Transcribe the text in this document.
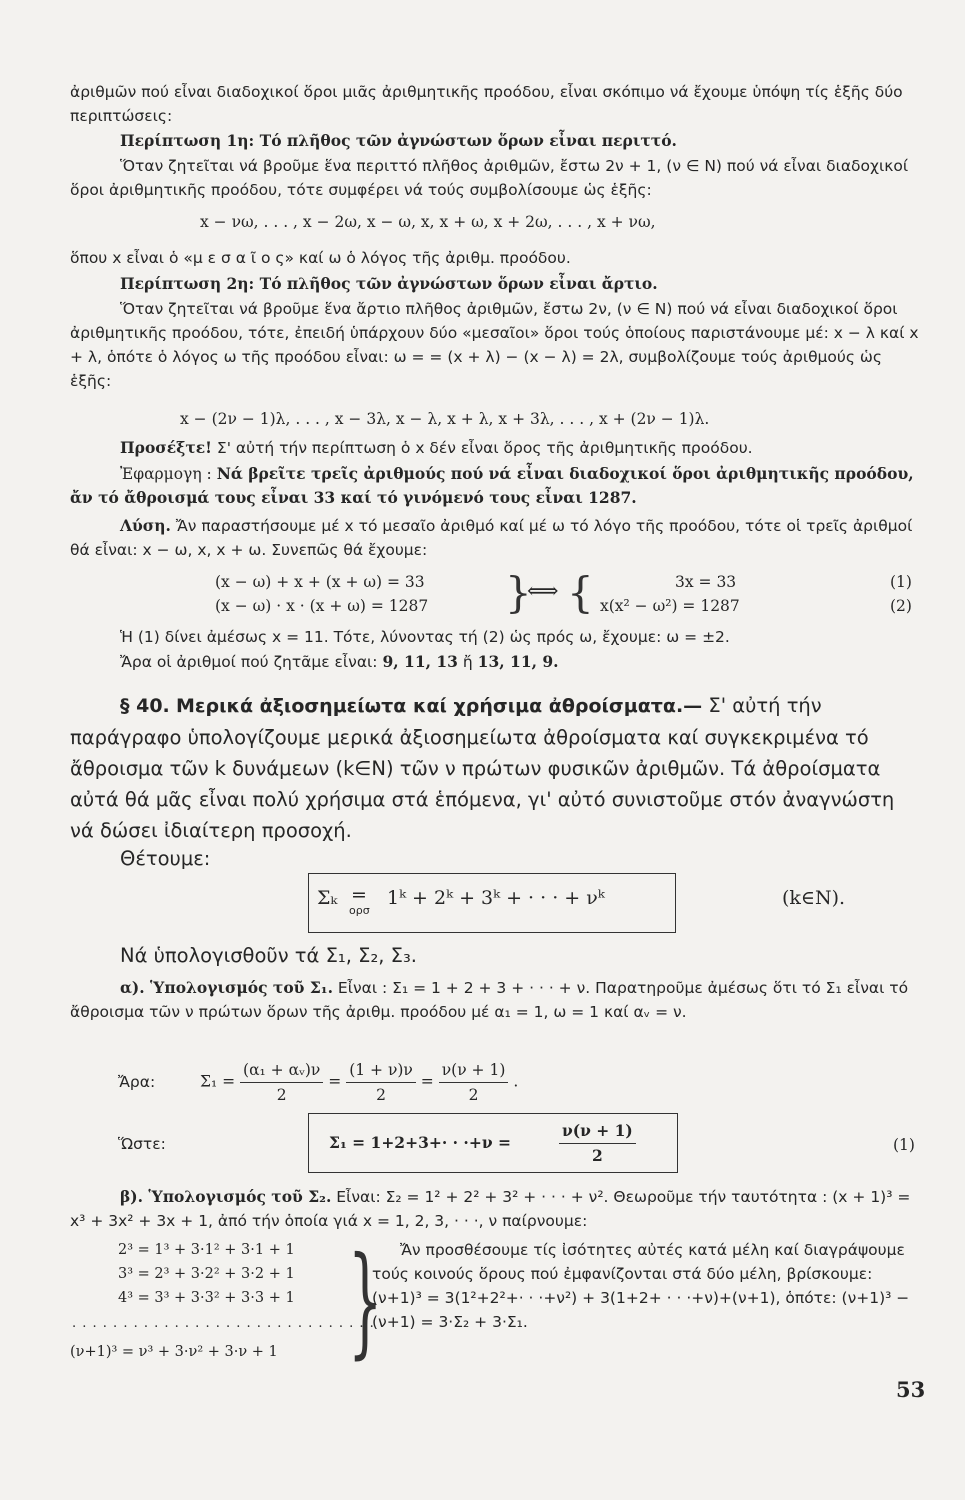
ἀριθμῶν πού εἶναι διαδοχικοί ὅροι μιᾶς ἀριθμητικῆς προόδου, εἶναι σκόπιμο νά ἔχουμε ὑπόψη τίς ἑξῆς δύο περιπτώσεις:

Περίπτωση 1η: Τό πλῆθος τῶν ἀγνώστων ὅρων εἶναι περιττό.

Ὅταν ζητεῖται νά βροῦμε ἕνα περιττό πλῆθος ἀριθμῶν, ἔστω 2ν + 1, (ν ∈ N) πού νά εἶναι διαδοχικοί ὅροι ἀριθμητικῆς προόδου, τότε συμφέρει νά τούς συμβολίσουμε ὡς ἑξῆς:

x − νω, . . . , x − 2ω, x − ω, x, x + ω, x + 2ω, . . . , x + νω,

ὅπου x εἶναι ὁ «μ ε σ α ῖ ο ς» καί ω ὁ λόγος τῆς ἀριθμ. προόδου.

Περίπτωση 2η: Τό πλῆθος τῶν ἀγνώστων ὅρων εἶναι ἄρτιο.

Ὅταν ζητεῖται νά βροῦμε ἕνα ἄρτιο πλῆθος ἀριθμῶν, ἔστω 2ν, (ν ∈ N) πού νά εἶναι διαδοχικοί ὅροι ἀριθμητικῆς προόδου, τότε, ἐπειδή ὑπάρχουν δύο «μεσαῖοι» ὅροι τούς ὁποίους παριστάνουμε μέ: x − λ καί x + λ, ὁπότε ὁ λόγος ω τῆς προόδου εἶναι: ω = = (x + λ) − (x − λ) = 2λ, συμβολίζουμε τούς ἀριθμούς ὡς ἑξῆς:

x − (2ν − 1)λ, . . . , x − 3λ, x − λ, x + λ, x + 3λ, . . . , x + (2ν − 1)λ.

Προσέξτε! Σ' αὐτή τήν περίπτωση ὁ x δέν εἶναι ὅρος τῆς ἀριθμητικῆς προόδου.

Ἐφαρμογη : Νά βρεῖτε τρεῖς ἀριθμούς πού νά εἶναι διαδοχικοί ὅροι ἀριθμητικῆς προόδου, ἄν τό ἄθροισμά τους εἶναι 33 καί τό γινόμενό τους εἶναι 1287.

Λύση. Ἄν παραστήσουμε μέ x τό μεσαῖο ἀριθμό καί μέ ω τό λόγο τῆς προόδου, τότε οἱ τρεῖς ἀριθμοί θά εἶναι: x − ω, x, x + ω. Συνεπῶς θά ἔχουμε:

(x − ω) + x + (x + ω) = 33
(x − ω) · x · (x + ω) = 1287 }
⟺ {	3x = 33
x(x² − ω²) = 1287
(1)
(2)

Ἡ (1) δίνει ἀμέσως x = 11. Τότε, λύνοντας τή (2) ὡς πρός ω, ἔχουμε: ω = ±2.

Ἄρα οἱ ἀριθμοί πού ζητᾶμε εἶναι: 9, 11, 13 ἤ 13, 11, 9.

§ 40. Μερικά ἀξιοσημείωτα καί χρήσιμα ἀθροίσματα.— Σ' αὐτή τήν παράγραφο ὑπολογίζουμε μερικά ἀξιοσημείωτα ἀθροίσματα καί συγκεκριμένα τό ἄθροισμα τῶν k δυνάμεων (k∈N) τῶν ν πρώτων φυσικῶν ἀριθμῶν. Τά ἀθροίσματα αὐτά θά μᾶς εἶναι πολύ χρήσιμα στά ἑπόμενα, γι' αὐτό συνιστοῦμε στόν ἀναγνώστη νά δώσει ἰδιαίτερη προσοχή.

Θέτουμε:

Σₖ =
ορσ
1ᵏ + 2ᵏ + 3ᵏ + · · · + νᵏ	(k∈N).

Νά ὑπολογισθοῦν τά Σ₁, Σ₂, Σ₃.

α). Ὑπολογισμός τοῦ Σ₁. Εἶναι : Σ₁ = 1 + 2 + 3 + · · · + ν. Παρατηροῦμε ἀμέσως ὅτι τό Σ₁ εἶναι τό ἄθροισμα τῶν ν πρώτων ὅρων τῆς ἀριθμ. προόδου μέ α₁ = 1, ω = 1 καί αᵥ = ν.

Ἄρα:	$\Sigma_1 = \frac{\text{(α₁ + αᵥ)ν}}{2} = \frac{(1 + \nu)\nu}{2} = \frac{\nu(\nu + 1)}{2}$ .
Ὥστε:	Σ₁ = 1+2+3+· · ·+ν =	$\frac{\nu(\nu + 1)}{2}$	(1)

β). Ὑπολογισμός τοῦ Σ₂. Εἶναι: Σ₂ = 1² + 2² + 3² + · · · + ν². Θεωροῦμε τήν ταυτότητα : (x + 1)³ = x³ + 3x² + 3x + 1, ἀπό τήν ὁποία γιά x = 1, 2, 3, · · ·, ν παίρνουμε:

2³ = 1³ + 3·1² + 3·1 + 1
3³ = 2³ + 3·2² + 3·2 + 1
4³ = 3³ + 3·3² + 3·3 + 1
. . . . . . . . . . . . . . . . . . . . . . . . . . . . . .
(ν+1)³ = ν³ + 3·ν² + 3·ν + 1 }	Ἄν προσθέσουμε τίς ἰσότητες αὐτές κατά μέλη καί διαγράψουμε τούς κοινούς ὅρους πού ἐμφανίζονται στά δύο μέλη, βρίσκουμε: (ν+1)³ = 3(1²+2²+· · ·+ν²) + 3(1+2+ · · ·+ν)+(ν+1), ὁπότε: (ν+1)³ − (ν+1) = 3·Σ₂ + 3·Σ₁.

53
